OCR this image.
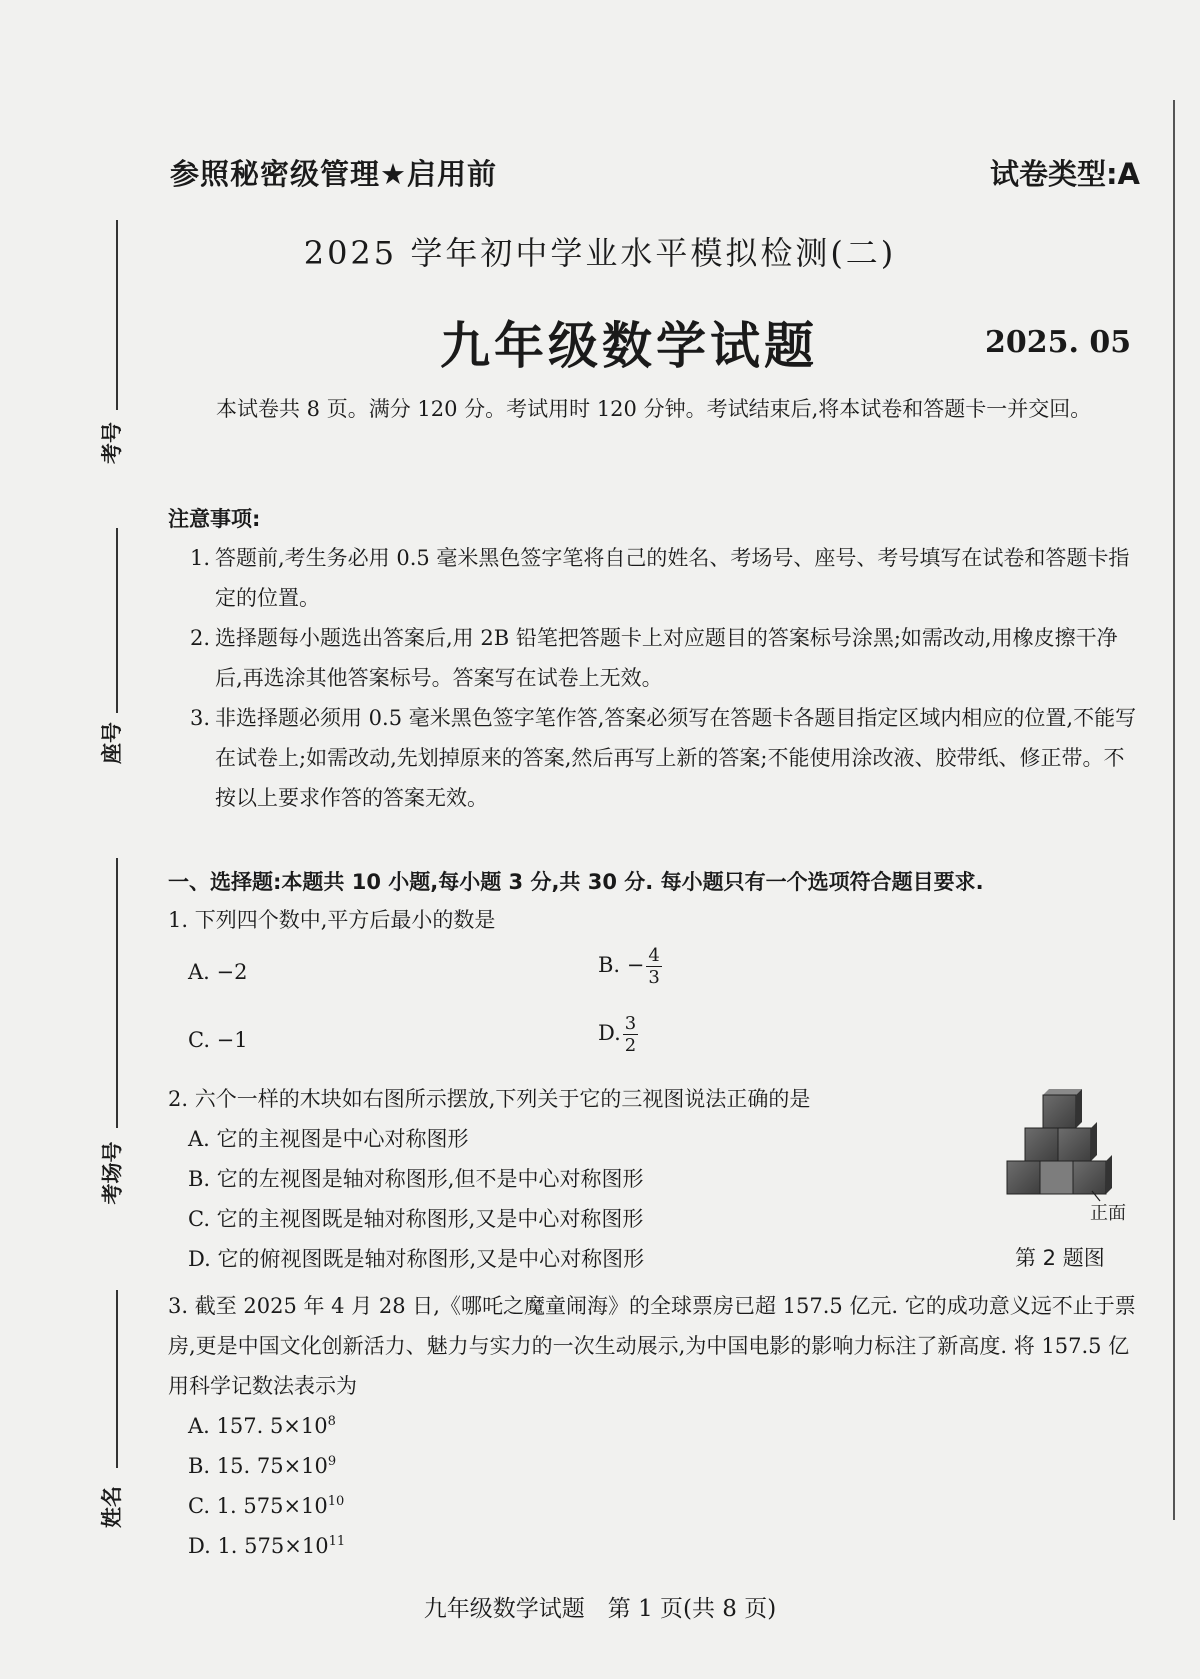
考号
座号
考场号
姓名
参照秘密级管理★启用前	试卷类型:A
2025 学年初中学业水平模拟检测(二)
九年级数学试题	2025. 05
本试卷共 8 页。满分 120 分。考试用时 120 分钟。考试结束后,将本试卷和答题卡一并交回。
注意事项:
1. 答题前,考生务必用 0.5 毫米黑色签字笔将自己的姓名、考场号、座号、考号填写在试卷和答题卡指定的位置。
2. 选择题每小题选出答案后,用 2B 铅笔把答题卡上对应题目的答案标号涂黑;如需改动,用橡皮擦干净后,再选涂其他答案标号。答案写在试卷上无效。
3. 非选择题必须用 0.5 毫米黑色签字笔作答,答案必须写在答题卡各题目指定区域内相应的位置,不能写在试卷上;如需改动,先划掉原来的答案,然后再写上新的答案;不能使用涂改液、胶带纸、修正带。不按以上要求作答的答案无效。
一、选择题:本题共 10 小题,每小题 3 分,共 30 分. 每小题只有一个选项符合题目要求.
1. 下列四个数中,平方后最小的数是
A. −2	B. − $\frac{4}{3}$
C. −1	D. $\frac{3}{2}$
2. 六个一样的木块如右图所示摆放,下列关于它的三视图说法正确的是
A. 它的主视图是中心对称图形
B. 它的左视图是轴对称图形,但不是中心对称图形
C. 它的主视图既是轴对称图形,又是中心对称图形
D. 它的俯视图既是轴对称图形,又是中心对称图形
正面
第 2 题图
3. 截至 2025 年 4 月 28 日,《哪吒之魔童闹海》的全球票房已超 157.5 亿元. 它的成功意义远不止于票房,更是中国文化创新活力、魅力与实力的一次生动展示,为中国电影的影响力标注了新高度. 将 157.5 亿用科学记数法表示为
A. 157. $5\times 10^8$
B. 15. $75\times 10^9$
C. 1. $575\times 10^{10}$
D. 1. $575\times 10^{11}$
九年级数学试题　第 1 页(共 8 页)
